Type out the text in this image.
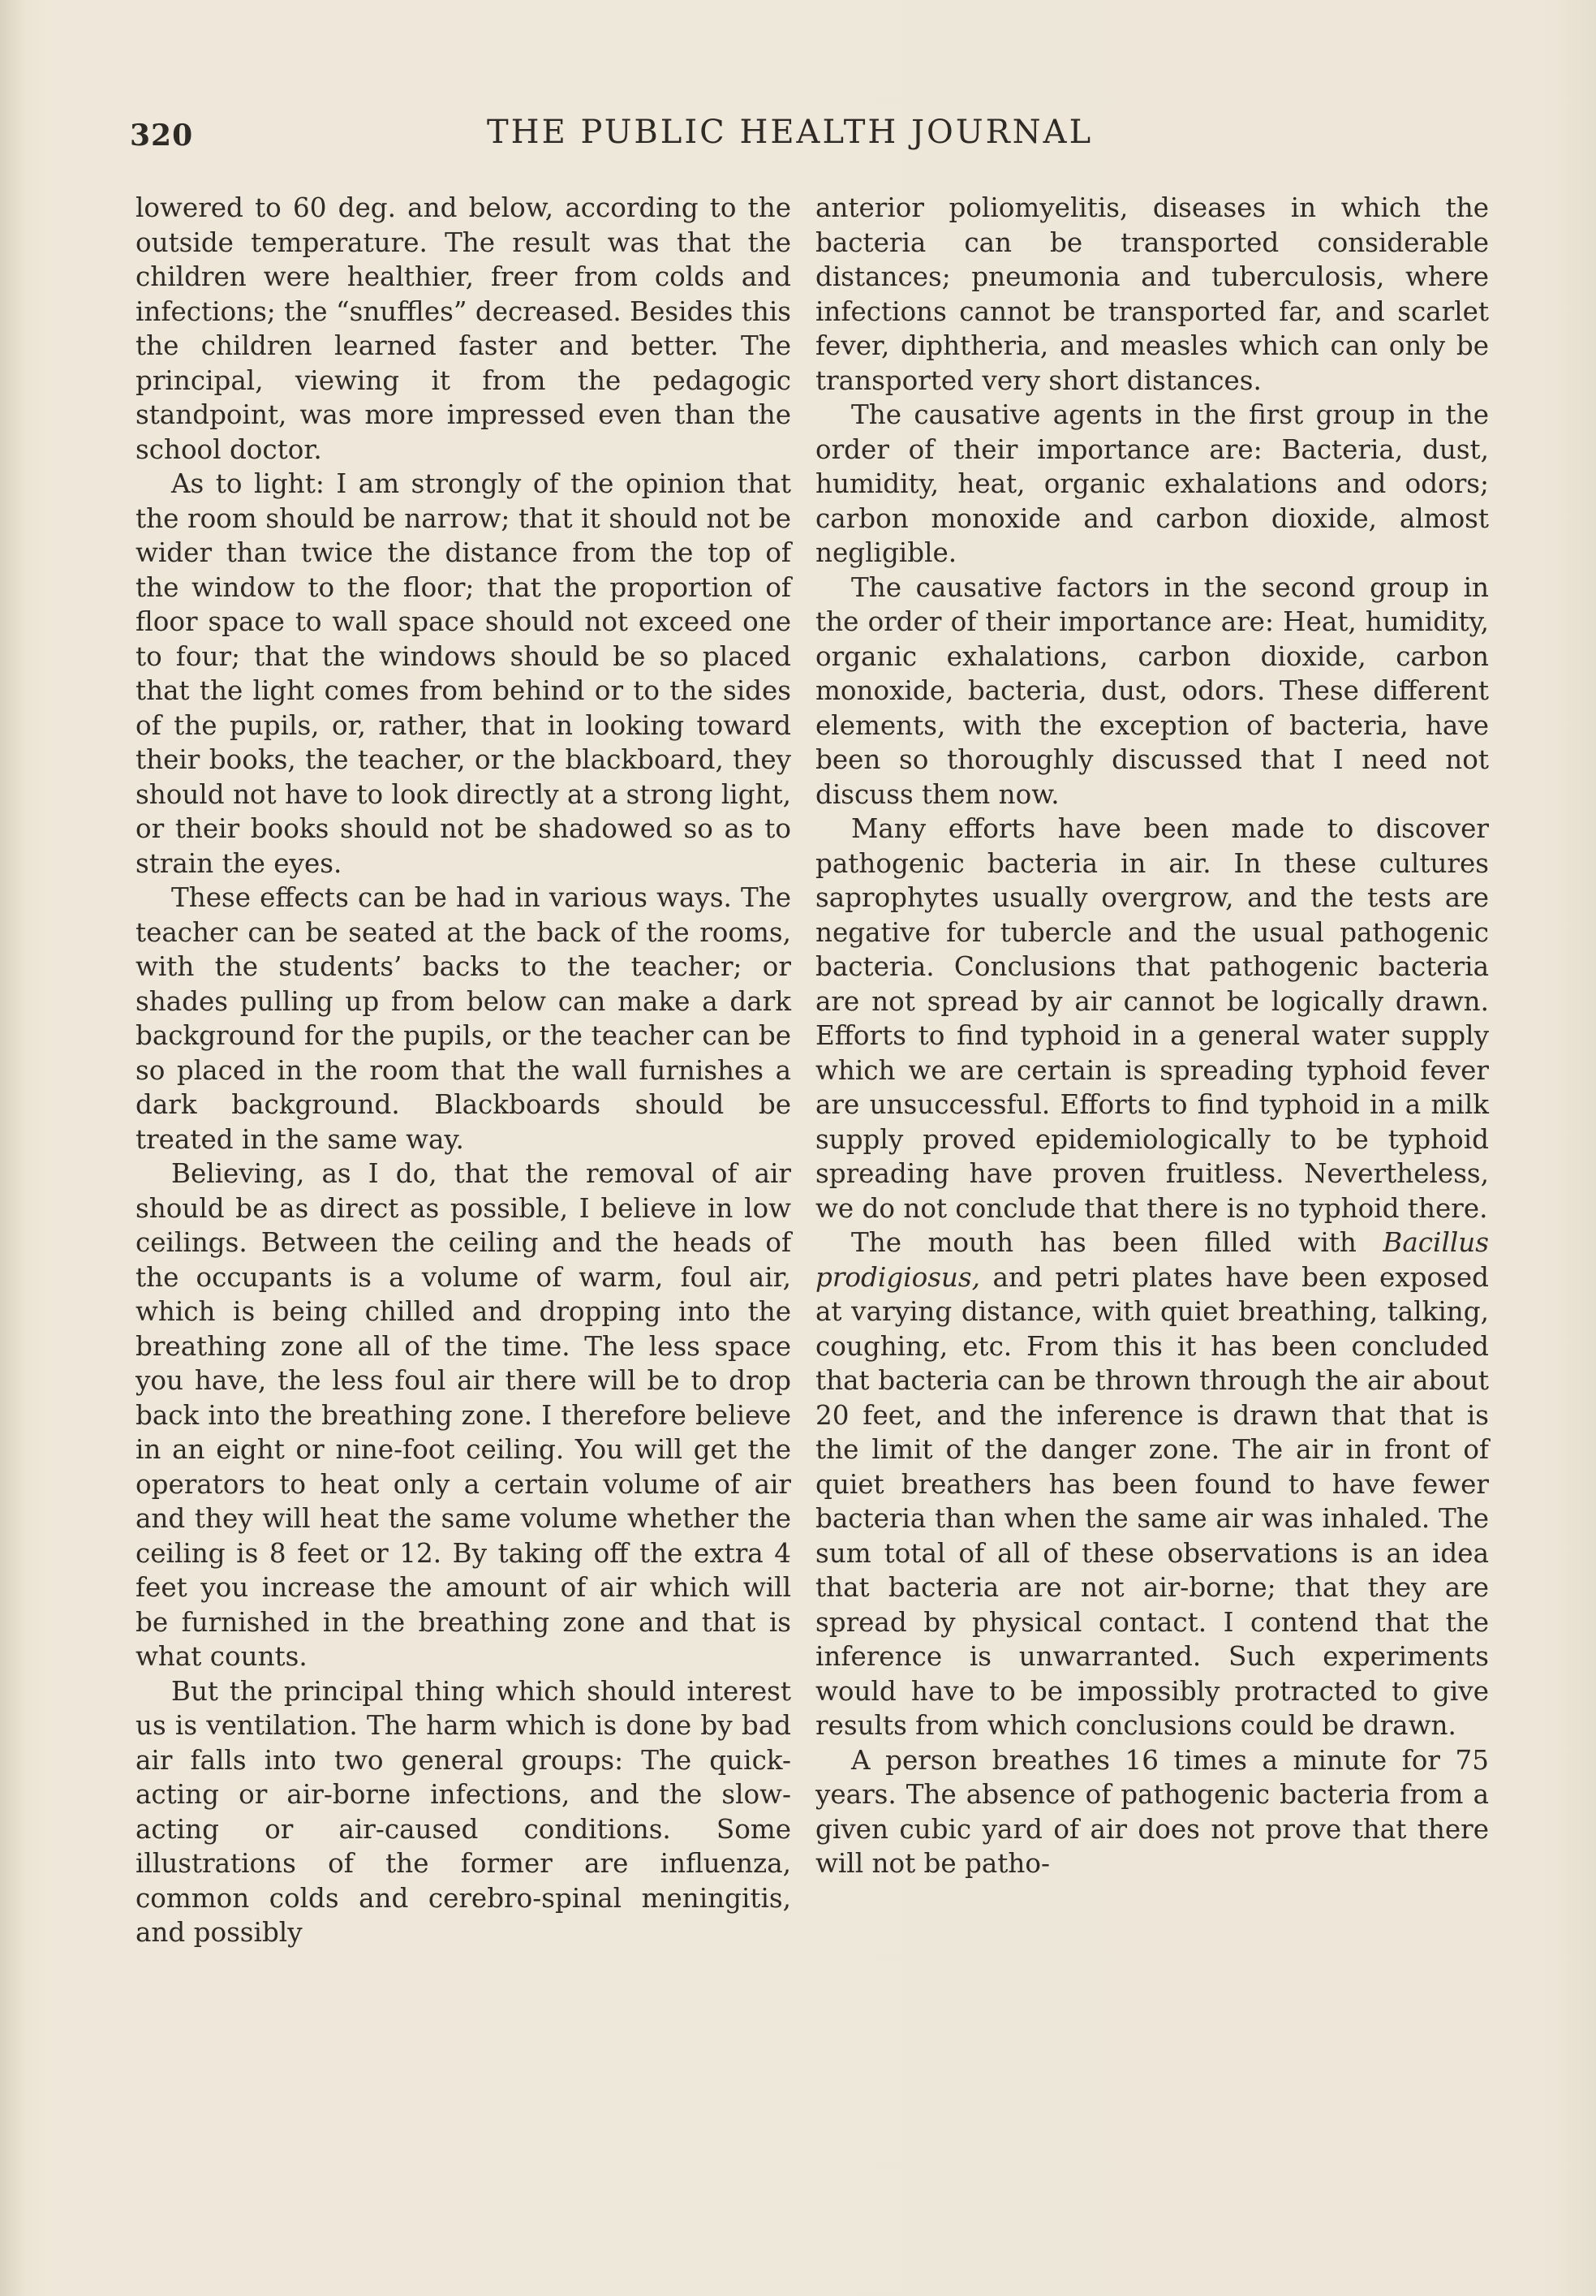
320	THE PUBLIC HEALTH JOURNAL

lowered to 60 deg. and below, according to the outside temperature. The result was that the children were healthier, freer from colds and infections; the “snuffles” decreased. Besides this the children learned faster and better. The principal, viewing it from the pedagogic standpoint, was more impressed even than the school doctor.

As to light: I am strongly of the opinion that the room should be narrow; that it should not be wider than twice the distance from the top of the window to the floor; that the proportion of floor space to wall space should not exceed one to four; that the windows should be so placed that the light comes from behind or to the sides of the pupils, or, rather, that in looking toward their books, the teacher, or the blackboard, they should not have to look directly at a strong light, or their books should not be shadowed so as to strain the eyes.

These effects can be had in various ways. The teacher can be seated at the back of the rooms, with the students’ backs to the teacher; or shades pulling up from below can make a dark background for the pupils, or the teacher can be so placed in the room that the wall furnishes a dark background. Blackboards should be treated in the same way.

Believing, as I do, that the removal of air should be as direct as possible, I believe in low ceilings. Between the ceiling and the heads of the occupants is a volume of warm, foul air, which is being chilled and dropping into the breathing zone all of the time. The less space you have, the less foul air there will be to drop back into the breathing zone. I therefore believe in an eight or nine-foot ceiling. You will get the operators to heat only a certain volume of air and they will heat the same volume whether the ceiling is 8 feet or 12. By taking off the extra 4 feet you increase the amount of air which will be furnished in the breathing zone and that is what counts.

But the principal thing which should interest us is ventilation. The harm which is done by bad air falls into two general groups: The quick-acting or air-borne infections, and the slow-acting or air-caused conditions. Some illustrations of the former are influenza, common colds and cerebro-spinal meningitis, and possibly

anterior poliomyelitis, diseases in which the bacteria can be transported considerable distances; pneumonia and tuberculosis, where infections cannot be transported far, and scarlet fever, diphtheria, and measles which can only be transported very short distances.

The causative agents in the first group in the order of their importance are: Bacteria, dust, humidity, heat, organic exhalations and odors; carbon monoxide and carbon dioxide, almost negligible.

The causative factors in the second group in the order of their importance are: Heat, humidity, organic exhalations, carbon dioxide, carbon monoxide, bacteria, dust, odors. These different elements, with the exception of bacteria, have been so thoroughly discussed that I need not discuss them now.

Many efforts have been made to discover pathogenic bacteria in air. In these cultures saprophytes usually overgrow, and the tests are negative for tubercle and the usual pathogenic bacteria. Conclusions that pathogenic bacteria are not spread by air cannot be logically drawn. Efforts to find typhoid in a general water supply which we are certain is spreading typhoid fever are unsuccessful. Efforts to find typhoid in a milk supply proved epidemiologically to be typhoid spreading have proven fruitless. Nevertheless, we do not conclude that there is no typhoid there.

The mouth has been filled with Bacillus prodigiosus, and petri plates have been exposed at varying distance, with quiet breathing, talking, coughing, etc. From this it has been concluded that bacteria can be thrown through the air about 20 feet, and the inference is drawn that that is the limit of the danger zone. The air in front of quiet breathers has been found to have fewer bacteria than when the same air was inhaled. The sum total of all of these observations is an idea that bacteria are not air-borne; that they are spread by physical contact. I contend that the inference is unwarranted. Such experiments would have to be impossibly protracted to give results from which conclusions could be drawn.

A person breathes 16 times a minute for 75 years. The absence of pathogenic bacteria from a given cubic yard of air does not prove that there will not be patho-
